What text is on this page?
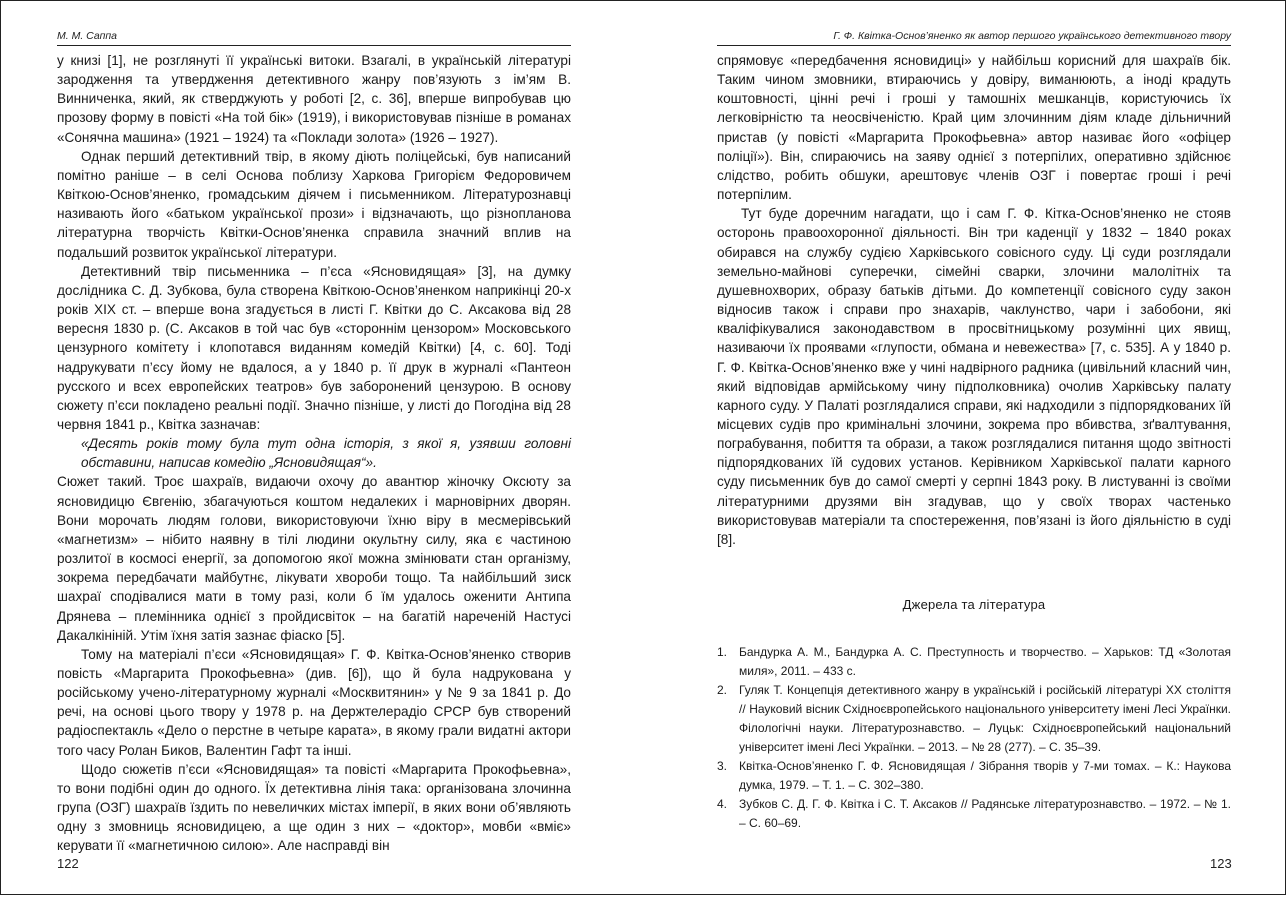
М. М. Саппа

у книзі [1], не розглянуті її українські витоки. Взагалі, в українській літературі зародження та утвердження детективного жанру пов’язують з ім’ям В. Винниченка, який, як стверджують у роботі [2, с. 36], вперше випробував цю прозову форму в повісті «На той бік» (1919), і використовував пізніше в романах «Сонячна машина» (1921 – 1924) та «Поклади золота» (1926 – 1927).

Однак перший детективний твір, в якому діють поліцейські, був написаний помітно раніше – в селі Основа поблизу Харкова Григорієм Федоровичем Квіткою-Основ’яненко, громадським діячем і письменником. Літературознавці називають його «батьком української прози» і відзначають, що різнопланова літературна творчість Квітки-Основ’яненка справила значний вплив на подальший розвиток української літератури.

Детективний твір письменника – п’єса «Ясновидящая» [3], на думку дослідника С. Д. Зубкова, була створена Квіткою-Основ’яненком наприкінці 20-х років XIX ст. – вперше вона згадується в листі Г. Квітки до С. Аксакова від 28 вересня 1830 р. (С. Аксаков в той час був «стороннім цензором» Московського цензурного комітету і клопотався виданням комедій Квітки) [4, с. 60]. Тоді надрукувати п’єсу йому не вдалося, а у 1840 р. її друк в журналі «Пантеон русского и всех европейских театров» був заборонений цензурою. В основу сюжету п’єси покладено реальні події. Значно пізніше, у листі до Погодіна від 28 червня 1841 р., Квітка зазначав:

«Десять років тому була тут одна історія, з якої я, узявши головні обставини, написав комедію „Ясновидящая“».

Сюжет такий. Троє шахраїв, видаючи охочу до авантюр жіночку Оксюту за ясновидицю Євгенію, збагачуються коштом недалеких і марновірних дворян. Вони морочать людям голови, використовуючи їхню віру в месмерівський «магнетизм» – нібито наявну в тілі людини окультну силу, яка є частиною розлитої в космосі енергії, за допомогою якої можна змінювати стан організму, зокрема передбачати майбутнє, лікувати хвороби тощо. Та найбільший зиск шахраї сподівалися мати в тому разі, коли б їм удалось оженити Антипа Дрянева – племінника однієї з пройдисвіток – на багатій нареченій Настусі Дакалкініній. Утім їхня затія зазнає фіаско [5].

Тому на матеріалі п’єси «Ясновидящая» Г. Ф. Квітка-Основ’яненко створив повість «Маргарита Прокофьевна» (див. [6]), що й була надрукована у російському учено-літературному журналі «Москвитянин» у № 9 за 1841 р. До речі, на основі цього твору у 1978 р. на Держтелерадіо СРСР був створений радіоспектакль «Дело о перстне в четыре карата», в якому грали видатні актори того часу Ролан Биков, Валентин Гафт та інші.

Щодо сюжетів п’єси «Ясновидящая» та повісті «Маргарита Прокофьевна», то вони подібні один до одного. Їх детективна лінія така: організована злочинна група (ОЗГ) шахраїв їздить по невеличких містах імперії, в яких вони об’являють одну з змовниць ясновидицею, а ще один з них – «доктор», мовби «вміє» керувати її «магнетичною силою». Але насправді він

122
Г. Ф. Квітка-Основ’яненко як автор першого українського детективного твору

спрямовує «передбачення ясновидиці» у найбільш корисний для шахраїв бік. Таким чином змовники, втираючись у довіру, виманюють, а іноді крадуть коштовності, цінні речі і гроші у тамошніх мешканців, користуючись їх легковірністю та неосвіченістю. Край цим злочинним діям кладе дільничний пристав (у повісті «Маргарита Прокофьевна» автор називає його «офіцер поліції»). Він, спираючись на заяву однієї з потерпілих, оперативно здійснює слідство, робить обшуки, арештовує членів ОЗГ і повертає гроші і речі потерпілим.

Тут буде доречним нагадати, що і сам Г. Ф. Кітка-Основ’яненко не стояв осторонь правоохоронної діяльності. Він три каденції у 1832 – 1840 роках обирався на службу судією Харківського совісного суду. Ці суди розглядали земельно-майнові суперечки, сімейні сварки, злочини малолітніх та душевнохворих, образу батьків дітьми. До компетенції совісного суду закон відносив також і справи про знахарів, чаклунство, чари і забобони, які кваліфікувалися законодавством в просвітницькому розумінні цих явищ, називаючи їх проявами «глупости, обмана и невежества» [7, с. 535]. А у 1840 р. Г. Ф. Квітка-Основ’яненко вже у чині надвірного радника (цивільний класний чин, який відповідав армійському чину підполковника) очолив Харківську палату карного суду. У Палаті розглядалися справи, які надходили з підпорядкованих їй місцевих судів про кримінальні злочини, зокрема про вбивства, зґвалтування, пограбування, побиття та образи, а також розглядалися питання щодо звітності підпорядкованих їй судових установ. Керівником Харківської палати карного суду письменник був до самої смерті у серпні 1843 року. В листуванні із своїми літературними друзями він згадував, що у своїх творах частенько використовував матеріали та спостереження, пов’язані із його діяльністю в суді [8].

Джерела та література
1. Бандурка А. М., Бандурка А. С. Преступность и творчество. – Харьков: ТД «Золотая миля», 2011. – 433 с.
2. Гуляк Т. Концепція детективного жанру в українській і російській літературі XX століття // Науковий вісник Східноєвропейського національного університету імені Лесі Українки. Філологічні науки. Літературознавство. – Луцьк: Східноєвропейський національний університет імені Лесі Українки. – 2013. – № 28 (277). – С. 35–39.
3. Квітка-Основ’яненко Г. Ф. Ясновидящая / Зібрання творів у 7-ми томах. – К.: Наукова думка, 1979. – Т. 1. – С. 302–380.
4. Зубков С. Д. Г. Ф. Квітка і С. Т. Аксаков // Радянське літературознавство. – 1972. – № 1. – С. 60–69.
123
